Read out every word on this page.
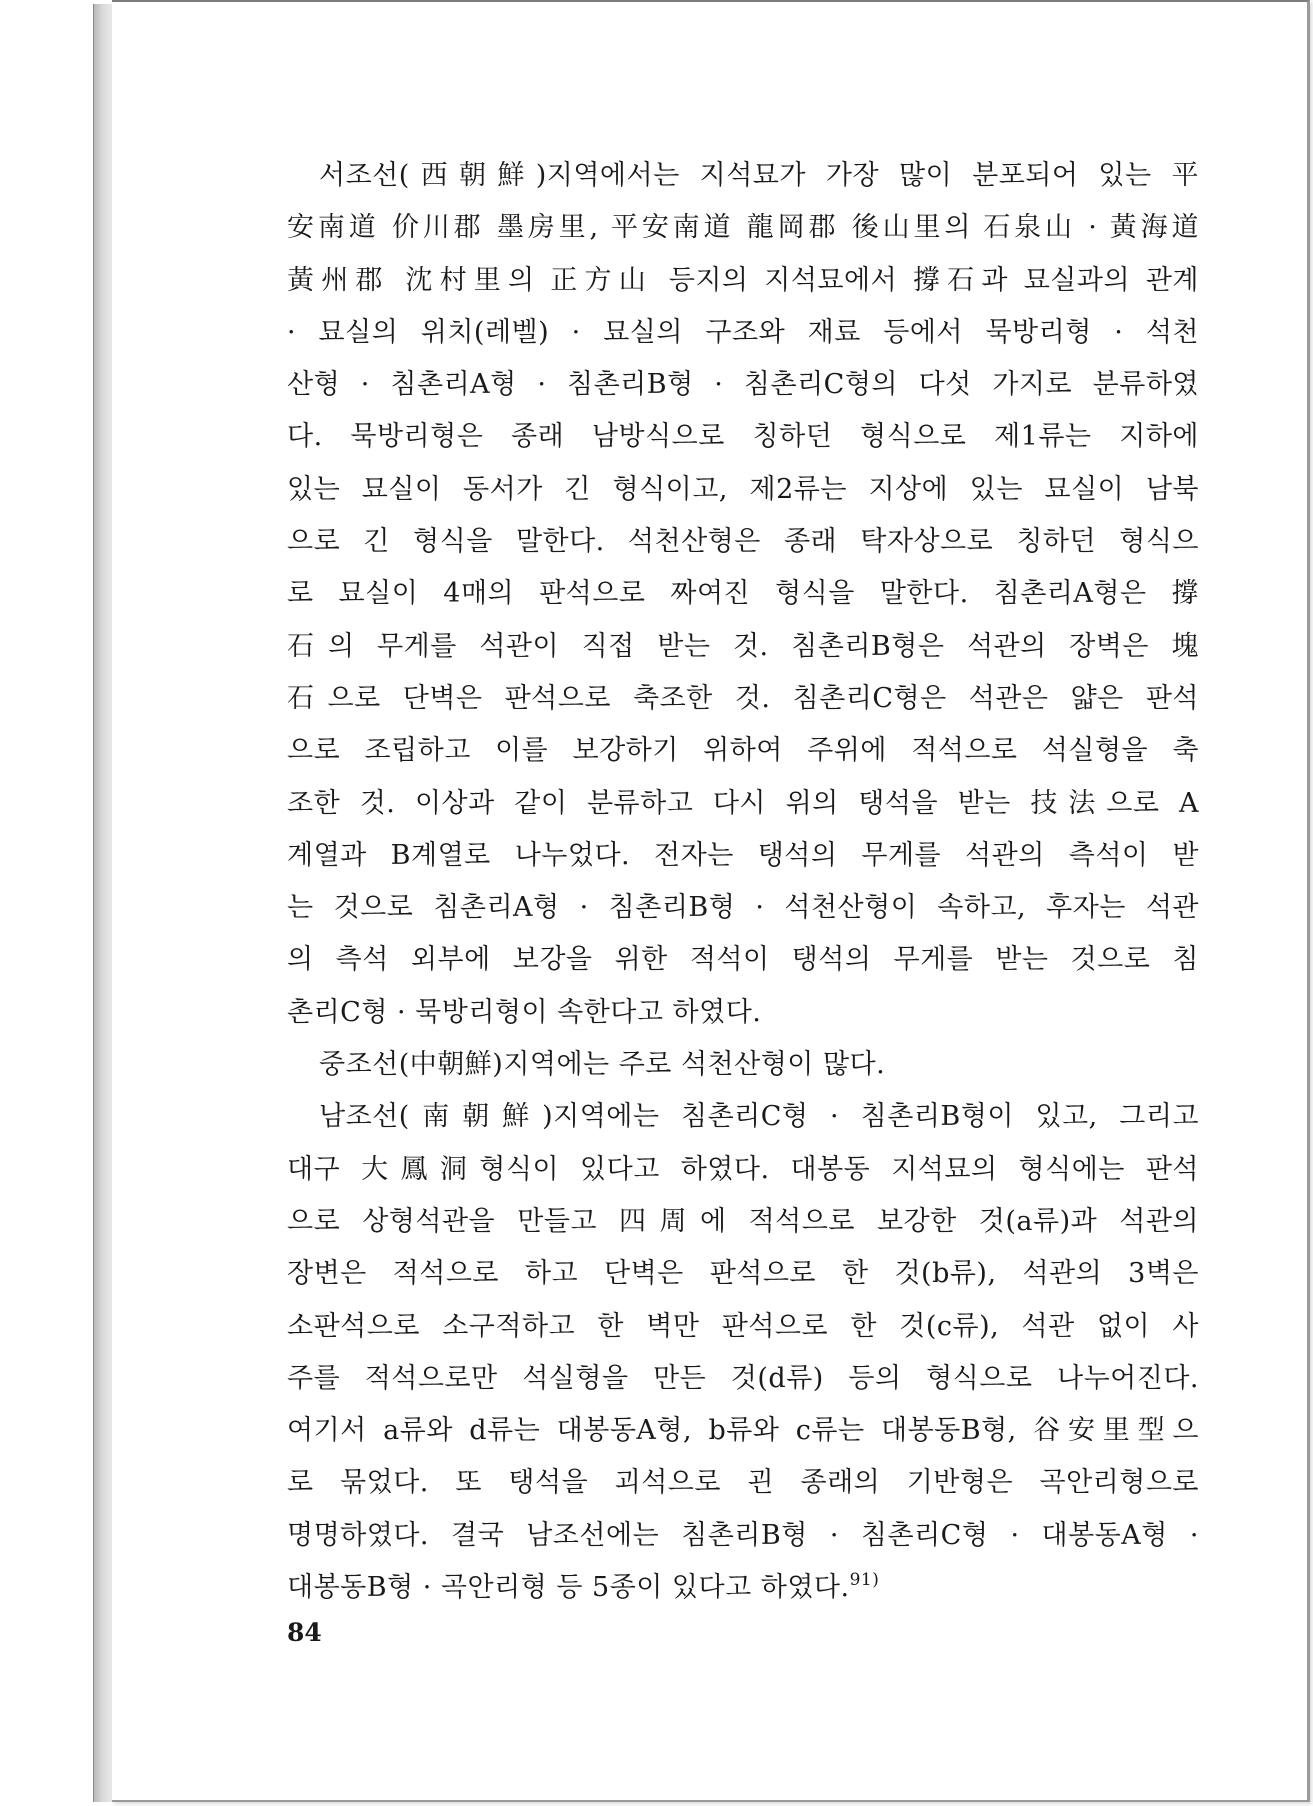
서조선(西朝鮮)지역에서는 지석묘가 가장 많이 분포되어 있는 平
安南道 价川郡 墨房里, 平安南道 龍岡郡 後山里의 石泉山 · 黃海道
黃州郡 沈村里의 正方山 등지의 지석묘에서 撐石과 묘실과의 관계
· 묘실의 위치(레벨) · 묘실의 구조와 재료 등에서 묵방리형 · 석천
산형 · 침촌리A형 · 침촌리B형 · 침촌리C형의 다섯 가지로 분류하였
다. 묵방리형은 종래 남방식으로 칭하던 형식으로 제1류는 지하에
있는 묘실이 동서가 긴 형식이고, 제2류는 지상에 있는 묘실이 남북
으로 긴 형식을 말한다. 석천산형은 종래 탁자상으로 칭하던 형식으
로 묘실이 4매의 판석으로 짜여진 형식을 말한다. 침촌리A형은 撐
石의 무게를 석관이 직접 받는 것. 침촌리B형은 석관의 장벽은 塊
石으로 단벽은 판석으로 축조한 것. 침촌리C형은 석관은 얇은 판석
으로 조립하고 이를 보강하기 위하여 주위에 적석으로 석실형을 축
조한 것. 이상과 같이 분류하고 다시 위의 탱석을 받는 技法으로 A
계열과 B계열로 나누었다. 전자는 탱석의 무게를 석관의 측석이 받
는 것으로 침촌리A형 · 침촌리B형 · 석천산형이 속하고, 후자는 석관
의 측석 외부에 보강을 위한 적석이 탱석의 무게를 받는 것으로 침
촌리C형 · 묵방리형이 속한다고 하였다.
중조선(中朝鮮)지역에는 주로 석천산형이 많다.
남조선(南朝鮮)지역에는 침촌리C형 · 침촌리B형이 있고, 그리고
대구 大鳳洞형식이 있다고 하였다. 대봉동 지석묘의 형식에는 판석
으로 상형석관을 만들고 四周에 적석으로 보강한 것(a류)과 석관의
장변은 적석으로 하고 단벽은 판석으로 한 것(b류), 석관의 3벽은
소판석으로 소구적하고 한 벽만 판석으로 한 것(c류), 석관 없이 사
주를 적석으로만 석실형을 만든 것(d류) 등의 형식으로 나누어진다.
여기서 a류와 d류는 대봉동A형, b류와 c류는 대봉동B형, 谷安里型으
로 묶었다. 또 탱석을 괴석으로 괸 종래의 기반형은 곡안리형으로
명명하였다. 결국 남조선에는 침촌리B형 · 침촌리C형 · 대봉동A형 ·
대봉동B형 · 곡안리형 등 5종이 있다고 하였다.$^{91)}$
84
